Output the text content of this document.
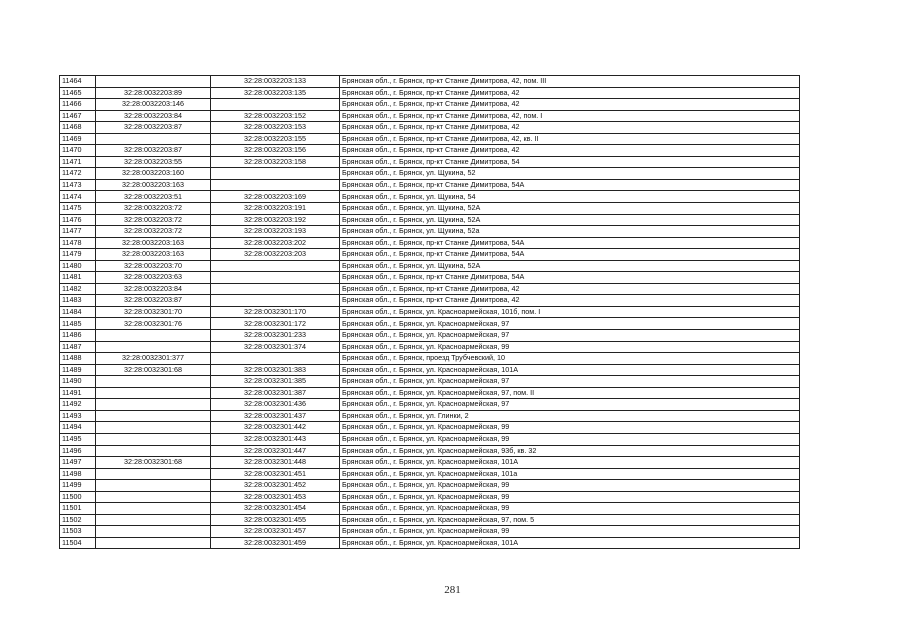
11464		32:28:0032203:133	Брянская обл., г. Брянск, пр-кт Станке Димитрова, 42, пом. III
11465	32:28:0032203:89	32:28:0032203:135	Брянская обл., г. Брянск, пр-кт Станке Димитрова, 42
11466	32:28:0032203:146		Брянская обл., г. Брянск, пр-кт Станке Димитрова, 42
11467	32:28:0032203:84	32:28:0032203:152	Брянская обл., г. Брянск, пр-кт Станке Димитрова, 42, пом. I
11468	32:28:0032203:87	32:28:0032203:153	Брянская обл., г. Брянск, пр-кт Станке Димитрова, 42
11469		32:28:0032203:155	Брянская обл., г. Брянск, пр-кт Станке Димитрова, 42, кв. II
11470	32:28:0032203:87	32:28:0032203:156	Брянская обл., г. Брянск, пр-кт Станке Димитрова, 42
11471	32:28:0032203:55	32:28:0032203:158	Брянская обл., г. Брянск, пр-кт Станке Димитрова, 54
11472	32:28:0032203:160		Брянская обл., г. Брянск, ул. Щукина, 52
11473	32:28:0032203:163		Брянская обл., г. Брянск, пр-кт Станке Димитрова, 54А
11474	32:28:0032203:51	32:28:0032203:169	Брянская обл., г. Брянск, ул. Щукина, 54
11475	32:28:0032203:72	32:28:0032203:191	Брянская обл., г. Брянск, ул. Щукина, 52А
11476	32:28:0032203:72	32:28:0032203:192	Брянская обл., г. Брянск, ул. Щукина, 52А
11477	32:28:0032203:72	32:28:0032203:193	Брянская обл., г. Брянск, ул. Щукина, 52а
11478	32:28:0032203:163	32:28:0032203:202	Брянская обл., г. Брянск, пр-кт Станке Димитрова, 54А
11479	32:28:0032203:163	32:28:0032203:203	Брянская обл., г. Брянск, пр-кт Станке Димитрова, 54А
11480	32:28:0032203:70		Брянская обл., г. Брянск, ул. Щукина, 52А
11481	32:28:0032203:63		Брянская обл., г. Брянск, пр-кт Станке Димитрова, 54А
11482	32:28:0032203:84		Брянская обл., г. Брянск, пр-кт Станке Димитрова, 42
11483	32:28:0032203:87		Брянская обл., г. Брянск, пр-кт Станке Димитрова, 42
11484	32:28:0032301:70	32:28:0032301:170	Брянская обл., г. Брянск, ул. Красноармейская, 101б, пом. I
11485	32:28:0032301:76	32:28:0032301:172	Брянская обл., г. Брянск, ул. Красноармейская, 97
11486		32:28:0032301:233	Брянская обл., г. Брянск, ул. Красноармейская, 97
11487		32:28:0032301:374	Брянская обл., г. Брянск, ул. Красноармейская, 99
11488	32:28:0032301:377		Брянская обл., г. Брянск, проезд Трубчевский, 10
11489	32:28:0032301:68	32:28:0032301:383	Брянская обл., г. Брянск, ул. Красноармейская, 101А
11490		32:28:0032301:385	Брянская обл., г. Брянск, ул. Красноармейская, 97
11491		32:28:0032301:387	Брянская обл., г. Брянск, ул. Красноармейская, 97, пом. II
11492		32:28:0032301:436	Брянская обл., г. Брянск, ул. Красноармейская, 97
11493		32:28:0032301:437	Брянская обл., г. Брянск, ул. Глинки, 2
11494		32:28:0032301:442	Брянская обл., г. Брянск, ул. Красноармейская, 99
11495		32:28:0032301:443	Брянская обл., г. Брянск, ул. Красноармейская, 99
11496		32:28:0032301:447	Брянская обл., г. Брянск, ул. Красноармейская, 93б, кв. 32
11497	32:28:0032301:68	32:28:0032301:448	Брянская обл., г. Брянск, ул. Красноармейская, 101А
11498		32:28:0032301:451	Брянская обл., г. Брянск, ул. Красноармейская, 101а
11499		32:28:0032301:452	Брянская обл., г. Брянск, ул. Красноармейская, 99
11500		32:28:0032301:453	Брянская обл., г. Брянск, ул. Красноармейская, 99
11501		32:28:0032301:454	Брянская обл., г. Брянск, ул. Красноармейская, 99
11502		32:28:0032301:455	Брянская обл., г. Брянск, ул. Красноармейская, 97, пом. 5
11503		32:28:0032301:457	Брянская обл., г. Брянск, ул. Красноармейская, 99
11504		32:28:0032301:459	Брянская обл., г. Брянск, ул. Красноармейская, 101А
281
